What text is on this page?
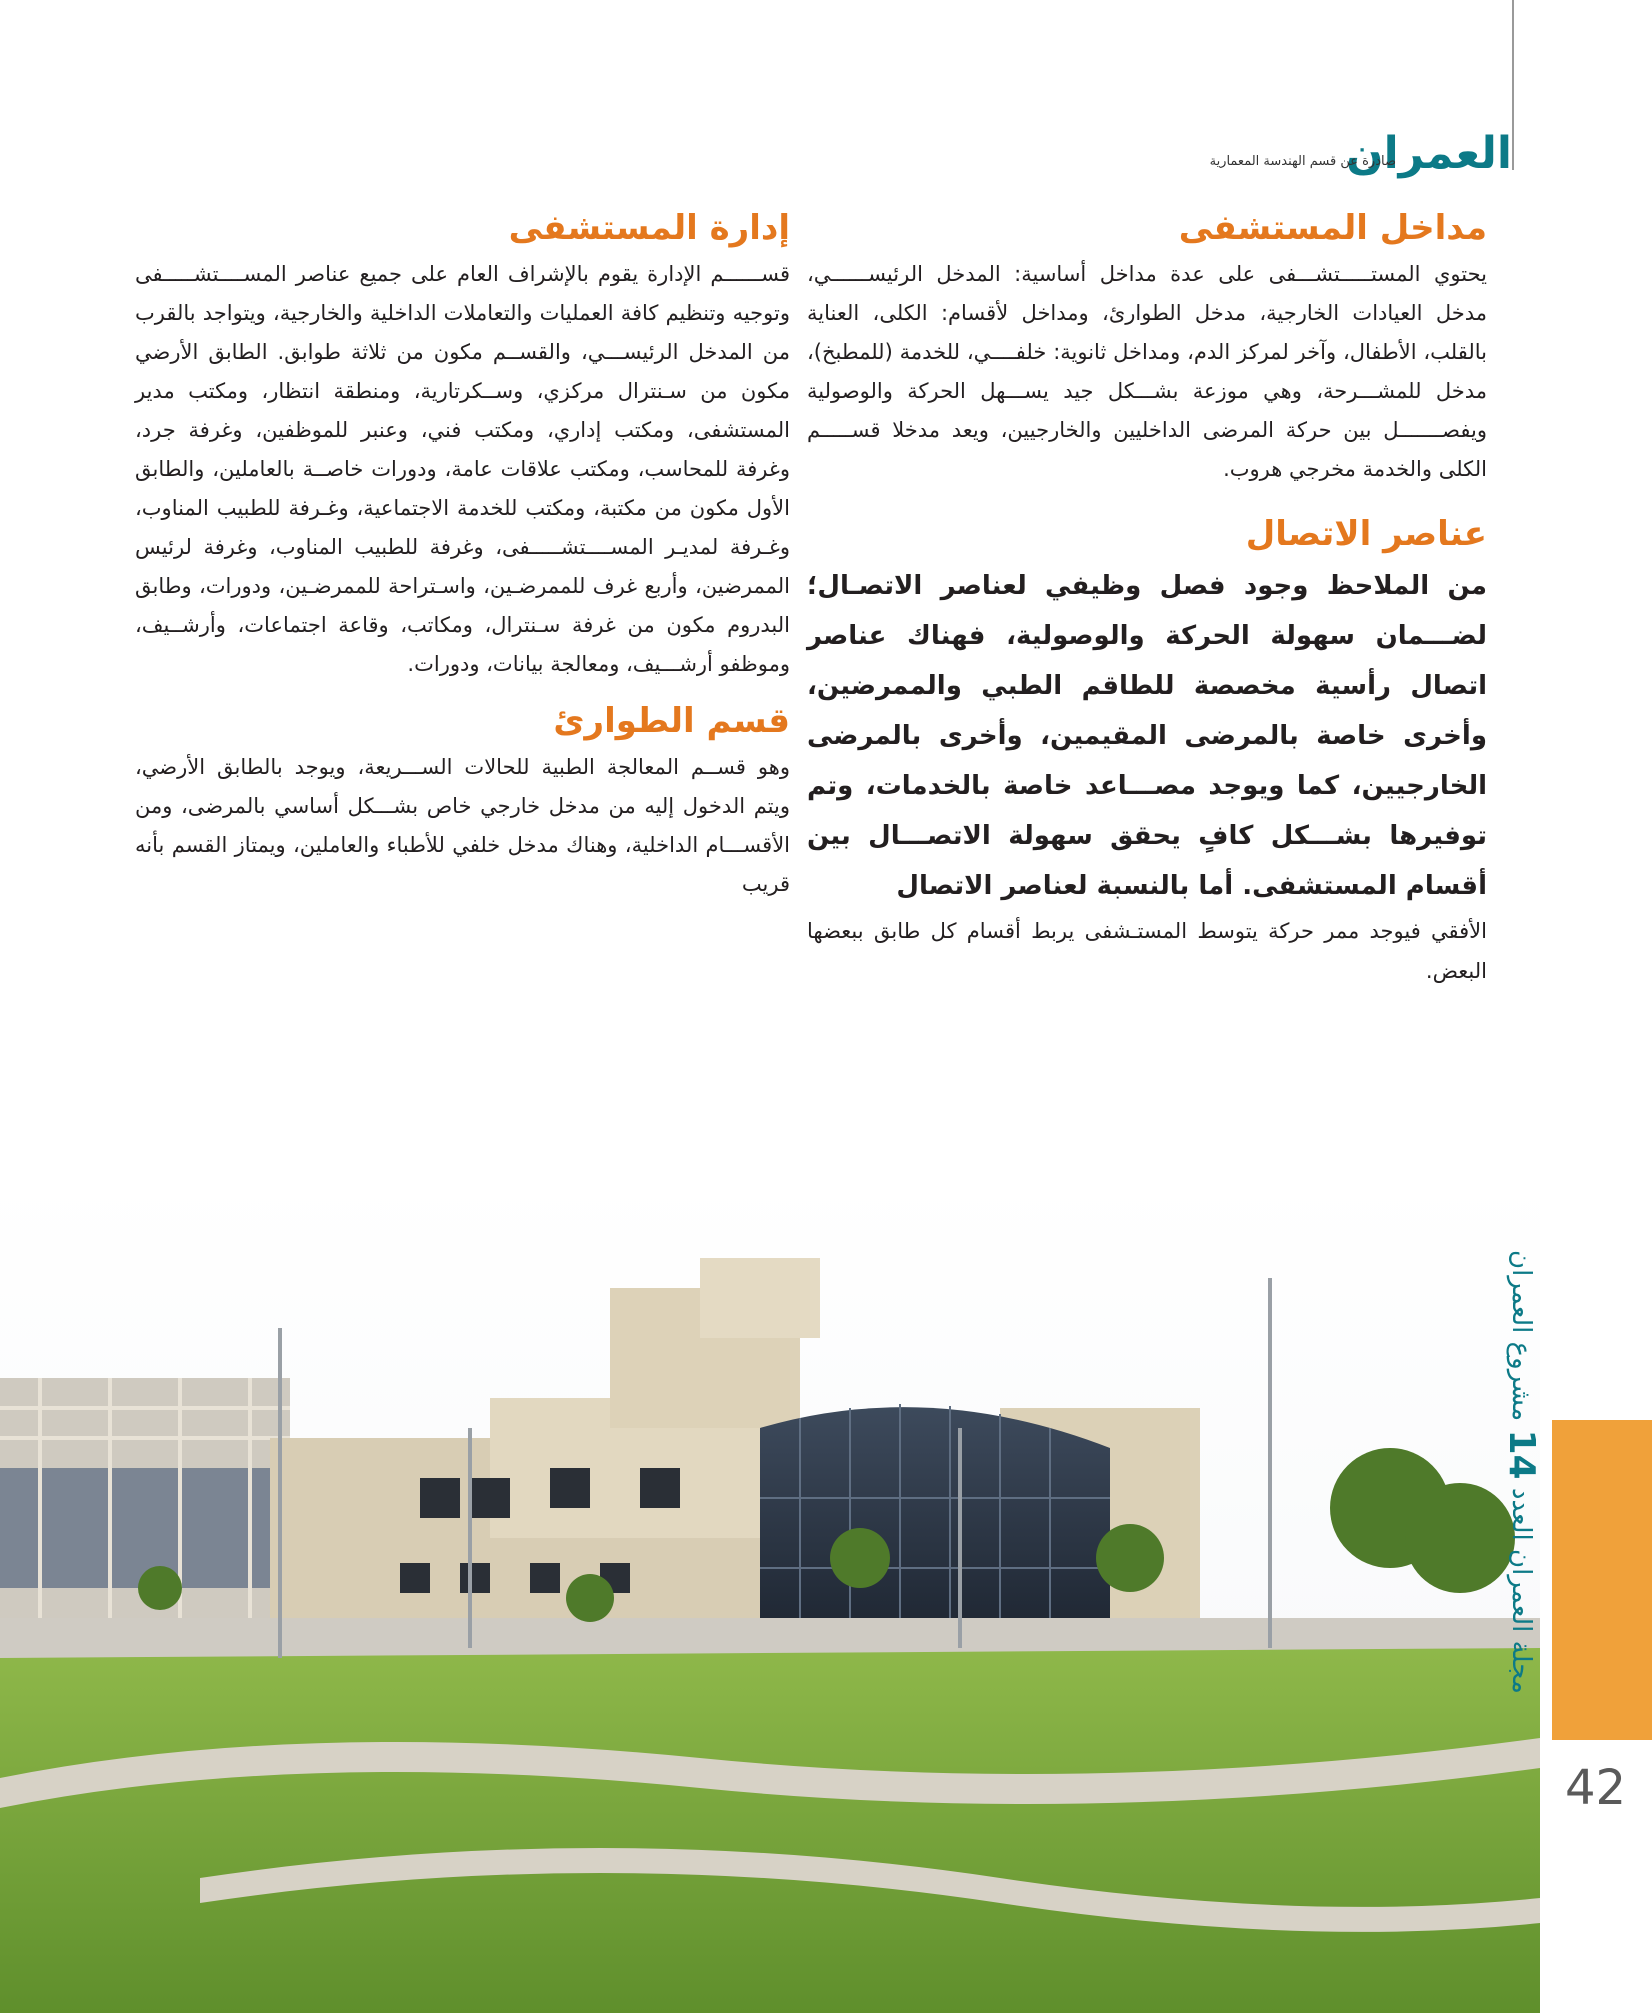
العمران
صادرة عن قسم الهندسة المعمارية
مداخل المستشفى

يحتوي المستـــــتشـــفى على عدة مداخل أساسية: المدخل الرئيســــــي، مدخل العيادات الخارجية، مدخل الطوارئ، ومداخل لأقسام: الكلى، العناية بالقلب، الأطفال، وآخر لمركز الدم، ومداخل ثانوية: خلفــــي، للخدمة (للمطبخ)، مدخل للمشـــرحة، وهي موزعة بشـــكل جيد يســـهل الحركة والوصولية ويفصـــــــل بين حركة المرضى الداخليين والخارجيين، ويعد مدخلا قســـــم الكلى والخدمة مخرجي هروب.

عناصر الاتصال

من الملاحظ وجود فصل وظيفي لعناصر الاتصـال؛ لضـــمان سهولة الحركة والوصولية، فهناك عناصر اتصال رأسية مخصصة للطاقم الطبي والممرضين، وأخرى خاصة بالمرضى المقيمين، وأخرى بالمرضى الخارجيين، كما ويوجد مصـــاعد خاصة بالخدمات، وتم توفيرها بشـــكل كافٍ يحقق سهولة الاتصـــال بين أقسام المستشفى. أما بالنسبة لعناصر الاتصال

الأفقي فيوجد ممر حركة يتوسط المستـشفى يربط أقسام كل طابق ببعضها البعض.

إدارة المستشفى

قســــــم الإدارة يقوم بالإشراف العام على جميع عناصر المســــتشـــــفى وتوجيه وتنظيم كافة العمليات والتعاملات الداخلية والخارجية، ويتواجد بالقرب من المدخل الرئيســـي، والقســم مكون من ثلاثة طوابق. الطابق الأرضي مكون من سـنترال مركزي، وســكرتارية، ومنطقة انتظار، ومكتب مدير المستشفى، ومكتب إداري، ومكتب فني، وعنبر للموظفين، وغرفة جرد، وغرفة للمحاسب، ومكتب علاقات عامة، ودورات خاصــة بالعاملين، والطابق الأول مكون من مكتبة، ومكتب للخدمة الاجتماعية، وغـرفة للطبيب المناوب، وغـرفة لمديـر المســــتشـــــفى، وغرفة للطبيب المناوب، وغرفة لرئيس الممرضين، وأربع غرف للممرضـين، واسـتراحة للممرضـين، ودورات، وطابق البدروم مكون من غرفة سـنترال، ومكاتب، وقاعة اجتماعات، وأرشــيف، وموظفو أرشـــيف، ومعالجة بيانات، ودورات.

قسم الطوارئ

وهو قســم المعالجة الطبية للحالات الســـريعة، ويوجد بالطابق الأرضي، ويتم الدخول إليه من مدخل خارجي خاص بشـــكل أساسي بالمرضى، ومن الأقســـام الداخلية، وهناك مدخل خلفي للأطباء والعاملين، ويمتاز القسم بأنه قريب

مجلة العمران العدد 14 مشروع العمران
42
